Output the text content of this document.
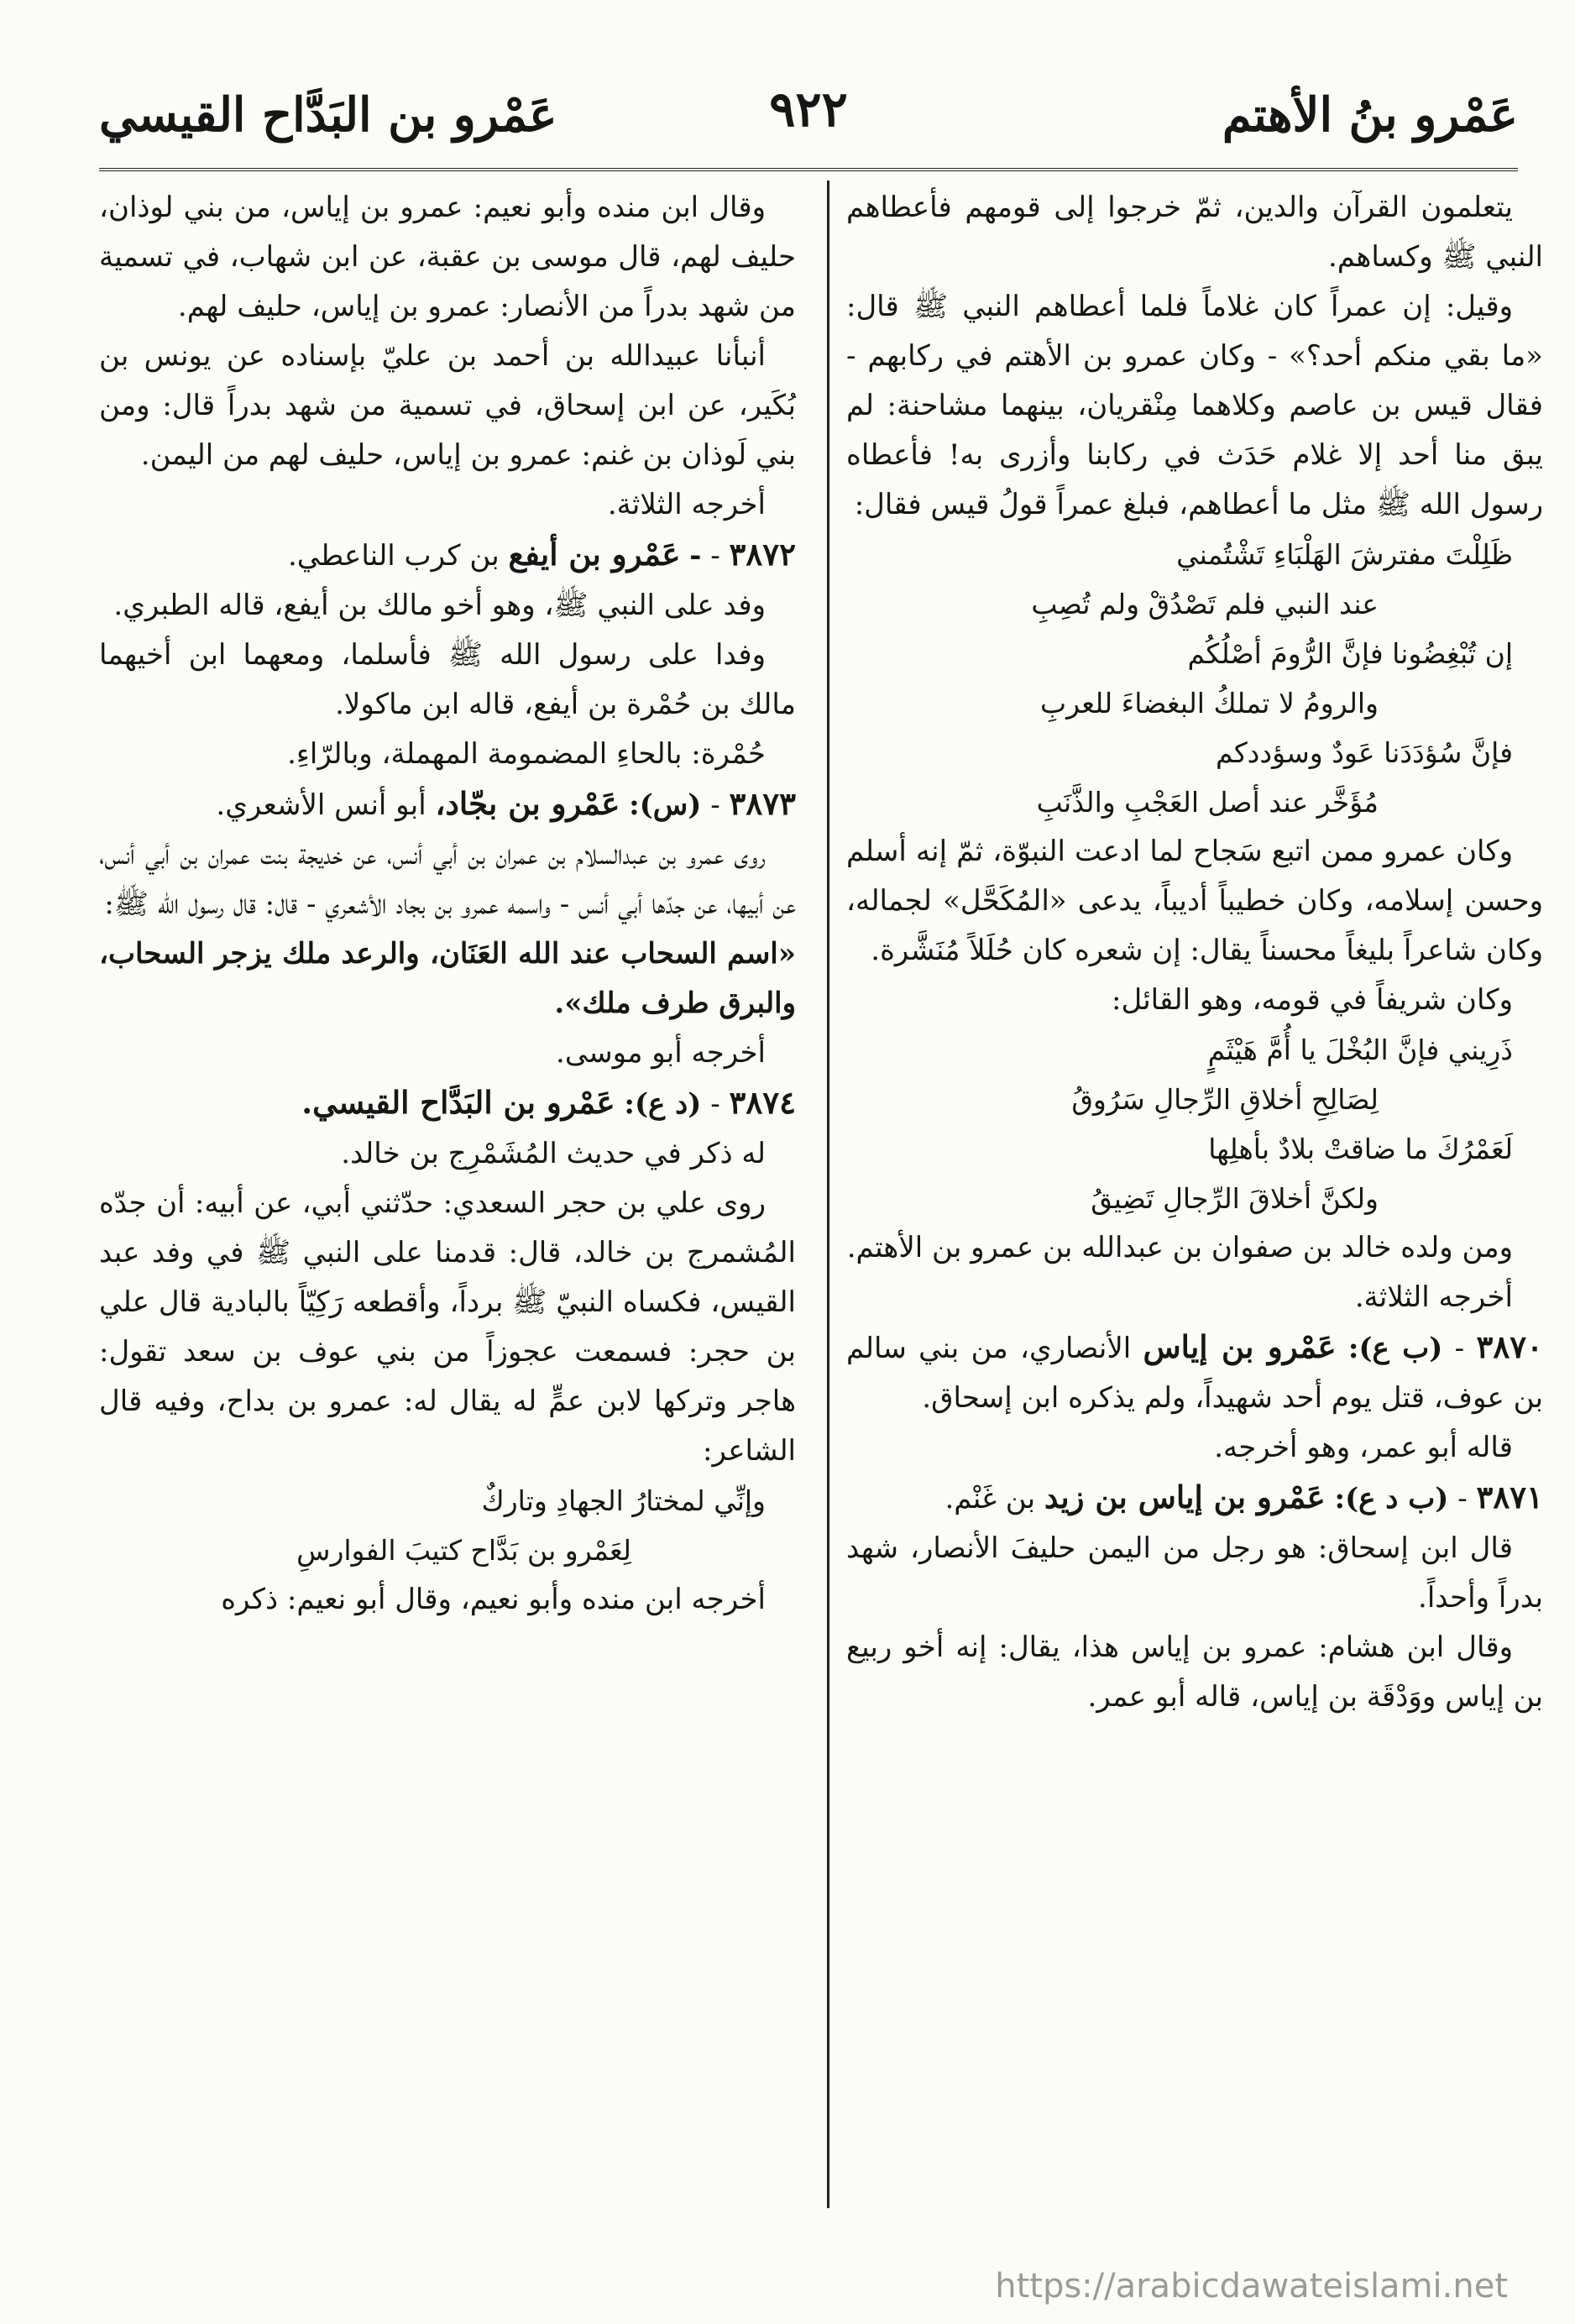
عَمْرو بنُ الأهتم
٩٢٢
عَمْرو بن البَدَّاح القيسي

يتعلمون القرآن والدين، ثمّ خرجوا إلى قومهم فأعطاهم النبي ﷺ وكساهم.

وقيل: إن عمراً كان غلاماً فلما أعطاهم النبي ﷺ قال: «ما بقي منكم أحد؟» - وكان عمرو بن الأهتم في ركابهم - فقال قيس بن عاصم وكلاهما مِنْقريان، بينهما مشاحنة: لم يبق منا أحد إلا غلام حَدَث في ركابنا وأزرى به! فأعطاه رسول الله ﷺ مثل ما أعطاهم، فبلغ عمراً قولُ قيس فقال:

ظَلِلْتَ مفترشَ الهَلْبَاءِ تَشْتُمني

عند النبي فلم تَصْدُقْ ولم تُصِبِ

إن تُبْغِضُونا فإنَّ الرُّومَ أصْلُكُم

والرومُ لا تملكُ البغضاءَ للعربِ

فإنَّ سُؤدَدَنا عَودٌ وسؤددكم

مُؤَخَّر عند أصل العَجْبِ والذَّنَبِ

وكان عمرو ممن اتبع سَجاح لما ادعت النبوّة، ثمّ إنه أسلم وحسن إسلامه، وكان خطيباً أديباً، يدعى «المُكَحَّل» لجماله، وكان شاعراً بليغاً محسناً يقال: إن شعره كان حُلَلاً مُنَشَّرة.

وكان شريفاً في قومه، وهو القائل:

ذَرِيني فإنَّ البُخْلَ يا أُمَّ هَيْثَمٍ

لِصَالِحِ أخلاقِ الرِّجالِ سَرُوقُ

لَعَمْرُكَ ما ضاقتْ بلادٌ بأهلِها

ولكنَّ أخلاقَ الرِّجالِ تَضِيقُ

ومن ولده خالد بن صفوان بن عبدالله بن عمرو بن الأهتم.

أخرجه الثلاثة.

٣٨٧٠ - (ب ع): عَمْرو بن إياس الأنصاري، من بني سالم بن عوف، قتل يوم أحد شهيداً، ولم يذكره ابن إسحاق.

قاله أبو عمر، وهو أخرجه.

٣٨٧١ - (ب د ع): عَمْرو بن إياس بن زيد بن غَنْم.

قال ابن إسحاق: هو رجل من اليمن حليفَ الأنصار، شهد بدراً وأحداً.

وقال ابن هشام: عمرو بن إياس هذا، يقال: إنه أخو ربيع بن إياس ووَدْقَة بن إياس، قاله أبو عمر.

وقال ابن منده وأبو نعيم: عمرو بن إياس، من بني لوذان، حليف لهم، قال موسى بن عقبة، عن ابن شهاب، في تسمية من شهد بدراً من الأنصار: عمرو بن إياس، حليف لهم.

أنبأنا عبيدالله بن أحمد بن عليّ بإسناده عن يونس بن بُكَير، عن ابن إسحاق، في تسمية من شهد بدراً قال: ومن بني لَوذان بن غنم: عمرو بن إياس، حليف لهم من اليمن.

أخرجه الثلاثة.

٣٨٧٢ - - عَمْرو بن أيفع بن كرب الناعطي.

وفد على النبي ﷺ، وهو أخو مالك بن أيفع، قاله الطبري.

وفدا على رسول الله ﷺ فأسلما، ومعهما ابن أخيهما مالك بن حُمْرة بن أيفع، قاله ابن ماكولا.

حُمْرة: بالحاءِ المضمومة المهملة، وبالرّاءِ.

٣٨٧٣ - (س): عَمْرو بن بجّاد، أبو أنس الأشعري.

روى عمرو بن عبدالسلام بن عمران بن أبي أنس، عن خديجة بنت عمران بن أبي أنس، عن أبيها، عن جدّها أبي أنس - واسمه عمرو بن بجاد الأشعري - قال: قال رسول الله ﷺ:

«اسم السحاب عند الله العَنَان، والرعد ملك يزجر السحاب، والبرق طرف ملك».

أخرجه أبو موسى.

٣٨٧٤ - (د ع): عَمْرو بن البَدَّاح القيسي.

له ذكر في حديث المُشَمْرِج بن خالد.

روى علي بن حجر السعدي: حدّثني أبي، عن أبيه: أن جدّه المُشمرج بن خالد، قال: قدمنا على النبي ﷺ في وفد عبد القيس، فكساه النبيّ ﷺ برداً، وأقطعه رَكِيّاً بالبادية قال علي بن حجر: فسمعت عجوزاً من بني عوف بن سعد تقول: هاجر وتركها لابن عمٍّ له يقال له: عمرو بن بداح، وفيه قال الشاعر:

وإنِّي لمختارُ الجهادِ وتاركٌ

لِعَمْرو بن بَدَّاح كتيبَ الفوارسِ

أخرجه ابن منده وأبو نعيم، وقال أبو نعيم: ذكره

https://arabicdawateislami.net
